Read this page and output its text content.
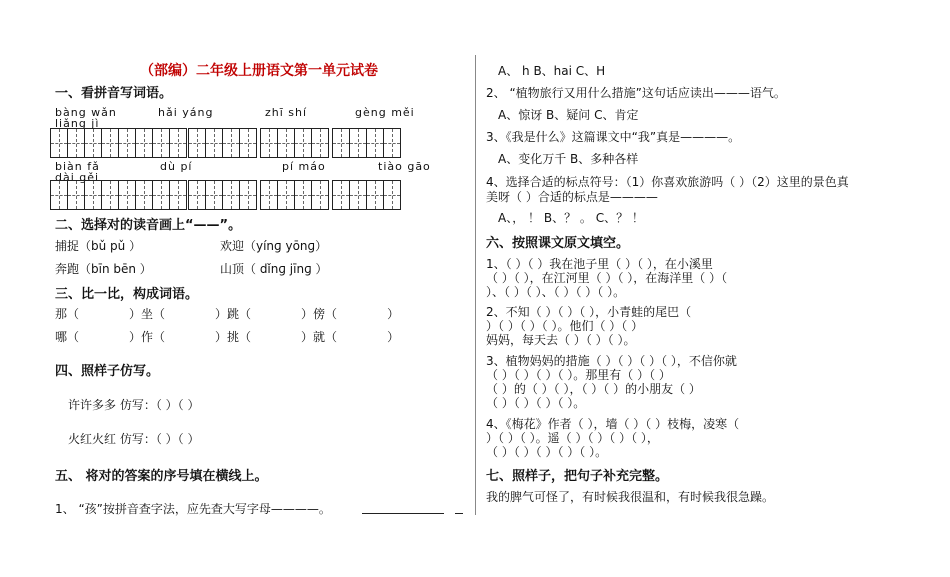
（部编）二年级上册语文第一单元试卷
一、看拼音写词语。
bàng wǎn	hǎi yáng	zhī shí	gèng měi
liǎng jì
biàn fǎ	dù pí	pí máo	tiào gāo
dài gěi
二、选择对的读音画上“——”。
捕捉（bǔ pǔ ）	欢迎（yínɡ yōnɡ）
奔跑（bīn bēn ）	山顶（ dǐnɡ jīnɡ ）
三、比一比，构成词语。
那（	）坐（	）跳（	）傍（	）
哪（	）作（	）挑（	）就（	）
四、照样子仿写。
许许多多 仿写：（ ）（ ）
火红火红 仿写：（ ）（ ）
五、 将对的答案的序号填在横线上。
1、 “孩”按拼音查字法，应先查大写字母————。
A、 h B、hai C、H
2、 “植物旅行又用什么措施”这句话应读出———语气。
A、惊讶 B、疑问 C、肯定
3、《我是什么》这篇课文中“我”真是————。
A、变化万千 B、多种各样
4、选择合适的标点符号：（1）你喜欢旅游吗（ ）（2）这里的景色真
美呀（ ）合适的标点是————
A、， ！ B、？ 。 C、？ ！
六、按照课文原文填空。
1、（ ）（ ）我在池子里（ ）（ ），在小溪里
（ ）（ ），在江河里（ ）（ ），在海洋里（ ）（
）、（ ）（ ）、（ ）（ ）（ ）。
2、不知（ ）（ ）（ ），小青蛙的尾巴（
）（ ）（ ）（ ）。他们（ ）（ ）
妈妈，每天去（ ）（ ）（ ）。
3、植物妈妈的措施（ ）（ ）（ ）（ ），不信你就
（ ）（ ）（ ）（ ）。那里有（ ）（ ）
（ ）的（ ）（ ），（ ）（ ）的小朋友（ ）
（ ）（ ）（ ）（ ）。
4、《梅花》作者（ ），墙（ ）（ ）枝梅，凌寒（
）（ ）（ ）。遥（ ）（ ）（ ）（ ），
（ ）（ ）（ ）（ ）（ ）。
七、照样子，把句子补充完整。
我的脾气可怪了，有时候我很温和，有时候我很急躁。
